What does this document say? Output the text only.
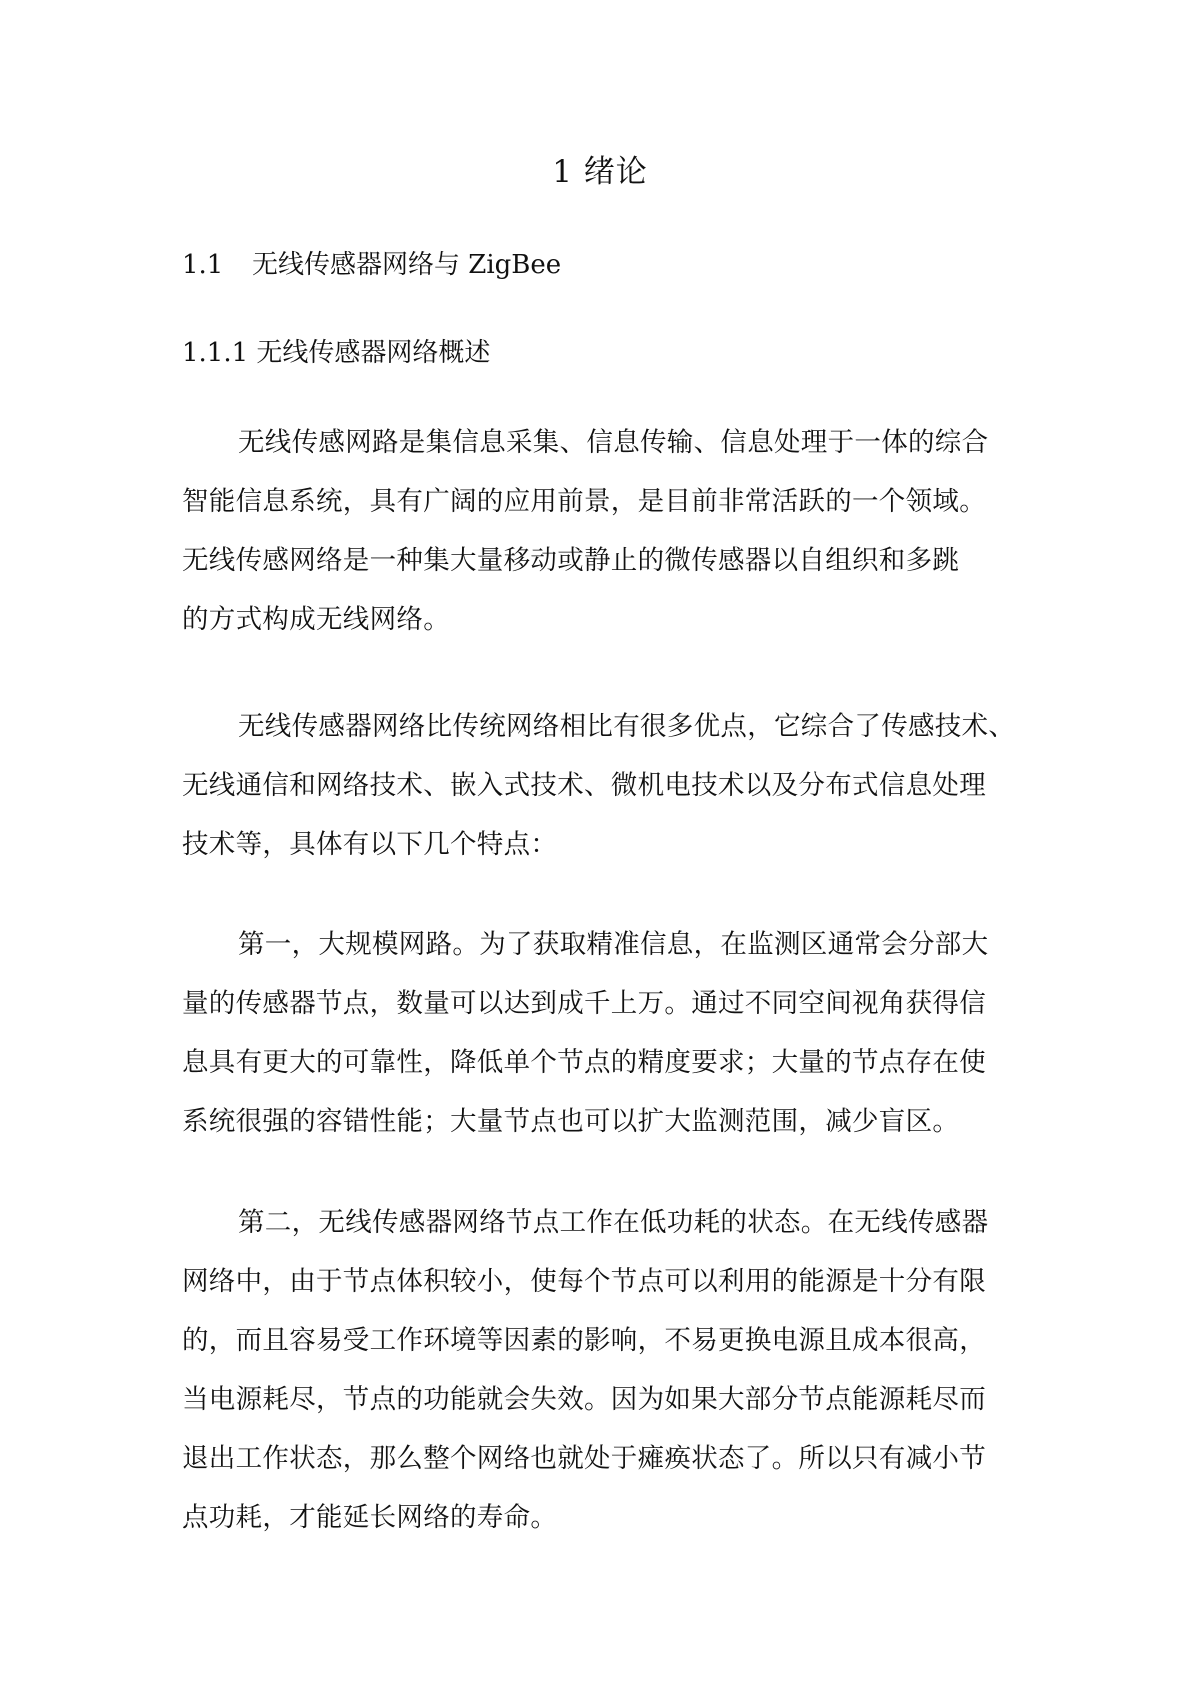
1 绪论
1.1 无线传感器网络与 ZigBee
1.1.1 无线传感器网络概述
无线传感网路是集信息采集、信息传输、信息处理于一体的综合
智能信息系统，具有广阔的应用前景，是目前非常活跃的一个领域。
无线传感网络是一种集大量移动或静止的微传感器以自组织和多跳
的方式构成无线网络。
无线传感器网络比传统网络相比有很多优点，它综合了传感技术、
无线通信和网络技术、嵌入式技术、微机电技术以及分布式信息处理
技术等，具体有以下几个特点：
第一，大规模网路。为了获取精准信息，在监测区通常会分部大
量的传感器节点，数量可以达到成千上万。通过不同空间视角获得信
息具有更大的可靠性，降低单个节点的精度要求；大量的节点存在使
系统很强的容错性能；大量节点也可以扩大监测范围，减少盲区。
第二，无线传感器网络节点工作在低功耗的状态。在无线传感器
网络中，由于节点体积较小，使每个节点可以利用的能源是十分有限
的，而且容易受工作环境等因素的影响，不易更换电源且成本很高，
当电源耗尽，节点的功能就会失效。因为如果大部分节点能源耗尽而
退出工作状态，那么整个网络也就处于瘫痪状态了。所以只有减小节
点功耗，才能延长网络的寿命。
